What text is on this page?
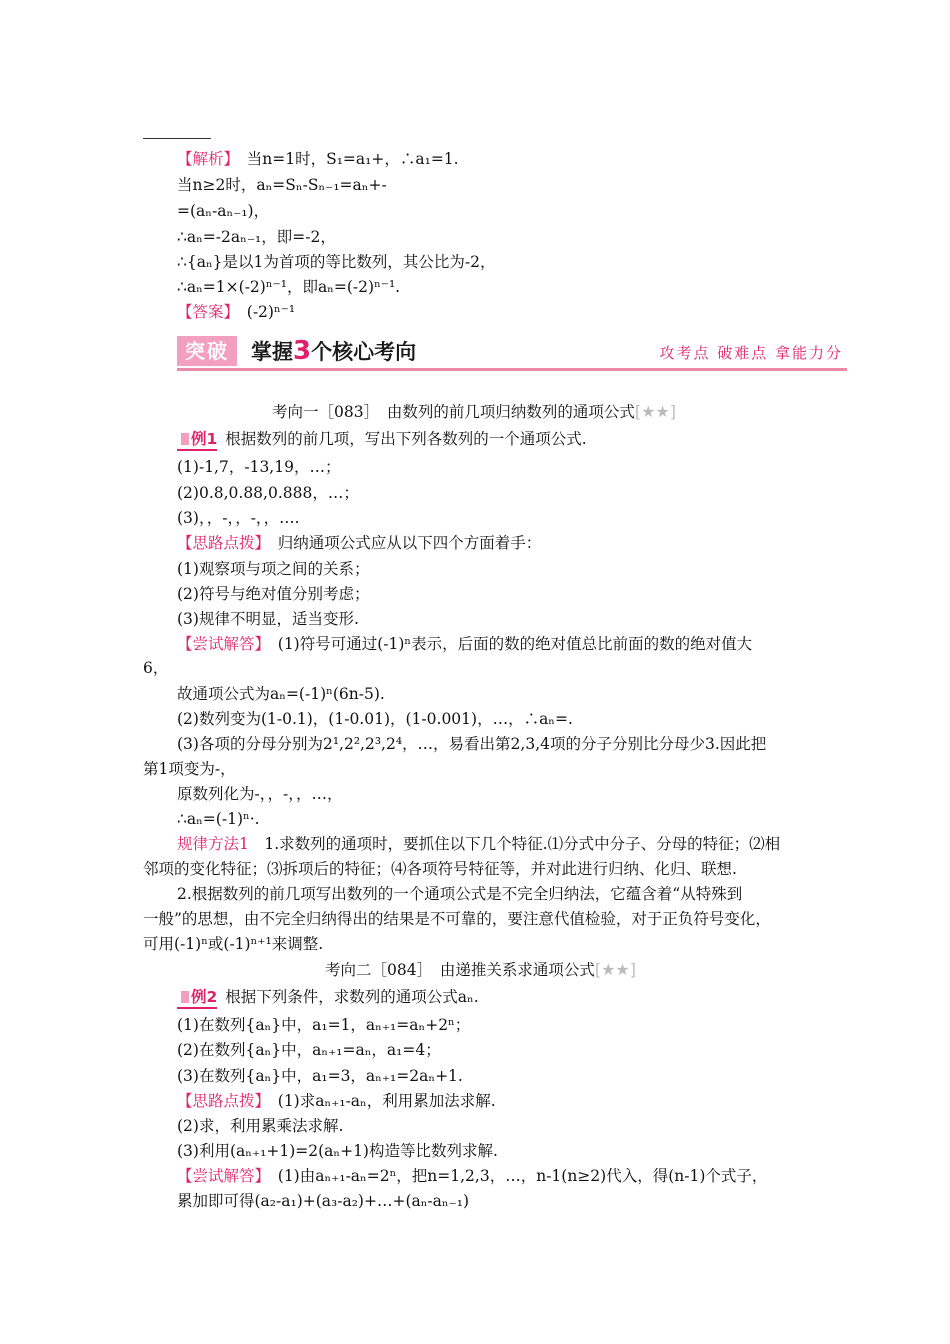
【解析】　当n=1时，S₁=a₁+，∴a₁=1.
当n≥2时，aₙ=Sₙ-Sₙ₋₁=aₙ+-
=(aₙ-aₙ₋₁)，
∴aₙ=-2aₙ₋₁，即=-2，
∴{aₙ}是以1为首项的等比数列，其公比为-2，
∴aₙ=1×(-2)ⁿ⁻¹，即aₙ=(-2)ⁿ⁻¹.
【答案】　(-2)ⁿ⁻¹
突破	掌握3个核心考向	攻考点 破难点 拿能力分
考向一［083］　由数列的前几项归纳数列的通项公式[★★]
例1 根据数列的前几项，写出下列各数列的一个通项公式.
(1)-1,7，-13,19，…；
(2)0.8,0.88,0.888，…；
(3)，，-，，-，，….
【思路点拨】　归纳通项公式应从以下四个方面着手：
(1)观察项与项之间的关系；
(2)符号与绝对值分别考虑；
(3)规律不明显，适当变形.
【尝试解答】　(1)符号可通过(-1)ⁿ表示，后面的数的绝对值总比前面的数的绝对值大
6，
故通项公式为aₙ=(-1)ⁿ(6n-5).
(2)数列变为(1-0.1)，(1-0.01)，(1-0.001)，…，∴aₙ=.
(3)各项的分母分别为2¹,2²,2³,2⁴，…，易看出第2,3,4项的分子分别比分母少3.因此把
第1项变为-，
原数列化为-，，-，，…，
∴aₙ=(-1)ⁿ·.
规律方法1　1.求数列的通项时，要抓住以下几个特征.⑴分式中分子、分母的特征；⑵相
邻项的变化特征；⑶拆项后的特征；⑷各项符号特征等，并对此进行归纳、化归、联想.
2.根据数列的前几项写出数列的一个通项公式是不完全归纳法，它蕴含着“从特殊到
一般”的思想，由不完全归纳得出的结果是不可靠的，要注意代值检验，对于正负符号变化，
可用(-1)ⁿ或(-1)ⁿ⁺¹来调整.
考向二［084］　由递推关系求通项公式[★★]
例2 根据下列条件，求数列的通项公式aₙ.
(1)在数列{aₙ}中，a₁=1，aₙ₊₁=aₙ+2ⁿ；
(2)在数列{aₙ}中，aₙ₊₁=aₙ，a₁=4；
(3)在数列{aₙ}中，a₁=3，aₙ₊₁=2aₙ+1.
【思路点拨】　(1)求aₙ₊₁-aₙ，利用累加法求解.
(2)求，利用累乘法求解.
(3)利用(aₙ₊₁+1)=2(aₙ+1)构造等比数列求解.
【尝试解答】　(1)由aₙ₊₁-aₙ=2ⁿ，把n=1,2,3，…，n-1(n≥2)代入，得(n-1)个式子，
累加即可得(a₂-a₁)+(a₃-a₂)+…+(aₙ-aₙ₋₁)
